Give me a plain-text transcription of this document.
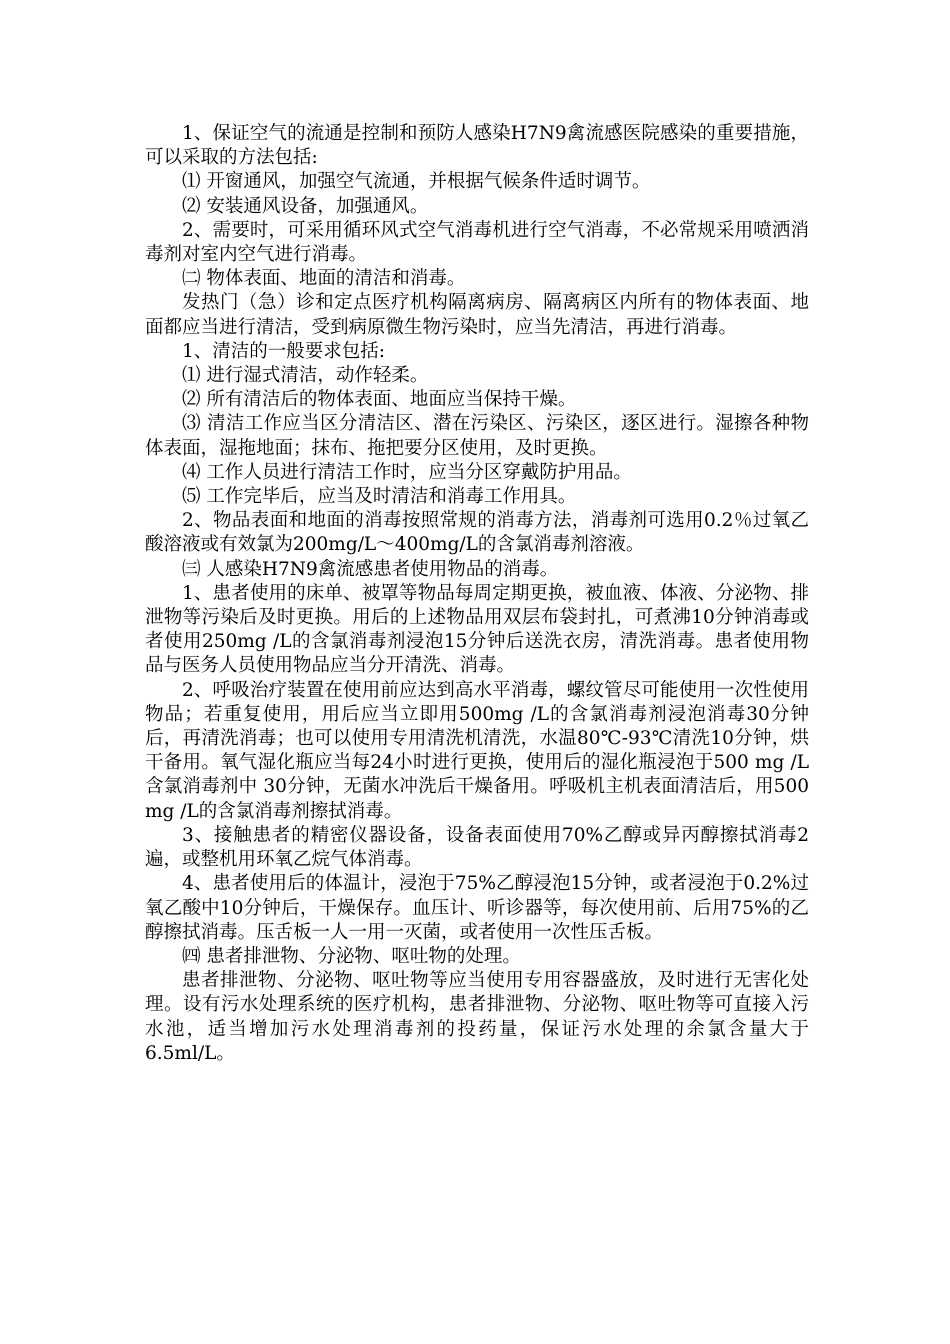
1、保证空气的流通是控制和预防人感染H7N9禽流感医院感染的重要措施，可以采取的方法包括:

⑴ 开窗通风，加强空气流通，并根据气候条件适时调节。

⑵ 安装通风设备，加强通风。

2、需要时，可采用循环风式空气消毒机进行空气消毒，不必常规采用喷洒消毒剂对室内空气进行消毒。

㈡ 物体表面、地面的清洁和消毒。

发热门（急）诊和定点医疗机构隔离病房、隔离病区内所有的物体表面、地面都应当进行清洁，受到病原微生物污染时，应当先清洁，再进行消毒。

1、清洁的一般要求包括:

⑴ 进行湿式清洁，动作轻柔。

⑵ 所有清洁后的物体表面、地面应当保持干燥。

⑶ 清洁工作应当区分清洁区、潜在污染区、污染区，逐区进行。湿擦各种物体表面，湿拖地面；抹布、拖把要分区使用，及时更换。

⑷ 工作人员进行清洁工作时，应当分区穿戴防护用品。

⑸ 工作完毕后，应当及时清洁和消毒工作用具。

2、物品表面和地面的消毒按照常规的消毒方法，消毒剂可选用0.2％过氧乙酸溶液或有效氯为200mg/L～400mg/L的含氯消毒剂溶液。

㈢ 人感染H7N9禽流感患者使用物品的消毒。

1、患者使用的床单、被罩等物品每周定期更换，被血液、体液、分泌物、排泄物等污染后及时更换。用后的上述物品用双层布袋封扎，可煮沸10分钟消毒或者使用250mg /L的含氯消毒剂浸泡15分钟后送洗衣房，清洗消毒。患者使用物品与医务人员使用物品应当分开清洗、消毒。

2、呼吸治疗装置在使用前应达到高水平消毒，螺纹管尽可能使用一次性使用物品；若重复使用，用后应当立即用500mg /L的含氯消毒剂浸泡消毒30分钟后，再清洗消毒；也可以使用专用清洗机清洗，水温80℃-93℃清洗10分钟，烘干备用。氧气湿化瓶应当每24小时进行更换，使用后的湿化瓶浸泡于500 mg /L含氯消毒剂中 30分钟，无菌水冲洗后干燥备用。呼吸机主机表面清洁后，用500 mg /L的含氯消毒剂擦拭消毒。

3、接触患者的精密仪器设备，设备表面使用70%乙醇或异丙醇擦拭消毒2遍，或整机用环氧乙烷气体消毒。

4、患者使用后的体温计，浸泡于75%乙醇浸泡15分钟，或者浸泡于0.2%过氧乙酸中10分钟后，干燥保存。血压计、听诊器等，每次使用前、后用75%的乙醇擦拭消毒。压舌板一人一用一灭菌，或者使用一次性压舌板。

㈣ 患者排泄物、分泌物、呕吐物的处理。

患者排泄物、分泌物、呕吐物等应当使用专用容器盛放，及时进行无害化处理。设有污水处理系统的医疗机构，患者排泄物、分泌物、呕吐物等可直接入污水池，适当增加污水处理消毒剂的投药量，保证污水处理的余氯含量大于6.5ml/L。
